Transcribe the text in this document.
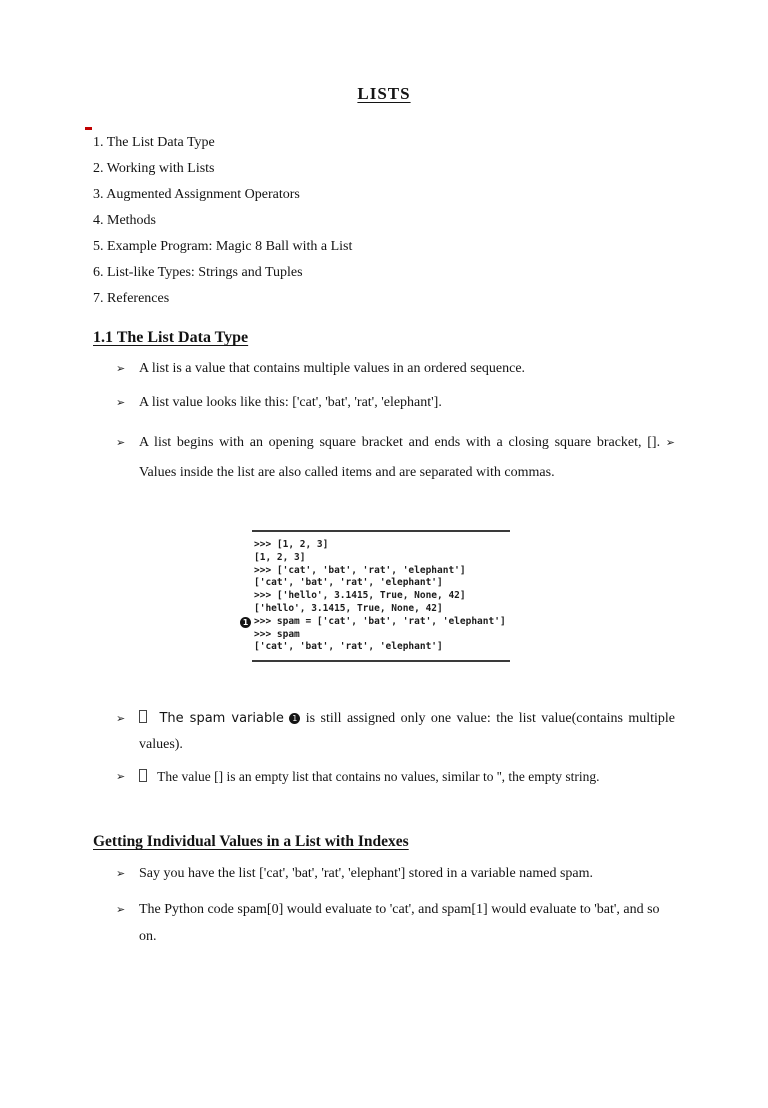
LISTS
1. The List Data Type
2. Working with Lists
3. Augmented Assignment Operators
4. Methods
5. Example Program: Magic 8 Ball with a List
6. List-like Types: Strings and Tuples
7. References
1.1 The List Data Type
➢ A list is a value that contains multiple values in an ordered sequence.
➢ A list value looks like this: ['cat', 'bat', 'rat', 'elephant'].
➢ A list begins with an opening square bracket and ends with a closing square bracket, []. ➢ Values inside the list are also called items and are separated with commas.
>>> [1, 2, 3]
[1, 2, 3]
>>> ['cat', 'bat', 'rat', 'elephant']
['cat', 'bat', 'rat', 'elephant']
>>> ['hello', 3.1415, True, None, 42]
['hello', 3.1415, True, None, 42]
1 >>> spam = ['cat', 'bat', 'rat', 'elephant']
>>> spam
['cat', 'bat', 'rat', 'elephant']
➢	The spam variable 1 is still assigned only one value: the list value(contains multiple values).
➢ The value [] is an empty list that contains no values, similar to '', the empty string.
Getting Individual Values in a List with Indexes
➢ Say you have the list ['cat', 'bat', 'rat', 'elephant'] stored in a variable named spam.
➢ The Python code spam[0] would evaluate to 'cat', and spam[1] would evaluate to 'bat', and so on.
